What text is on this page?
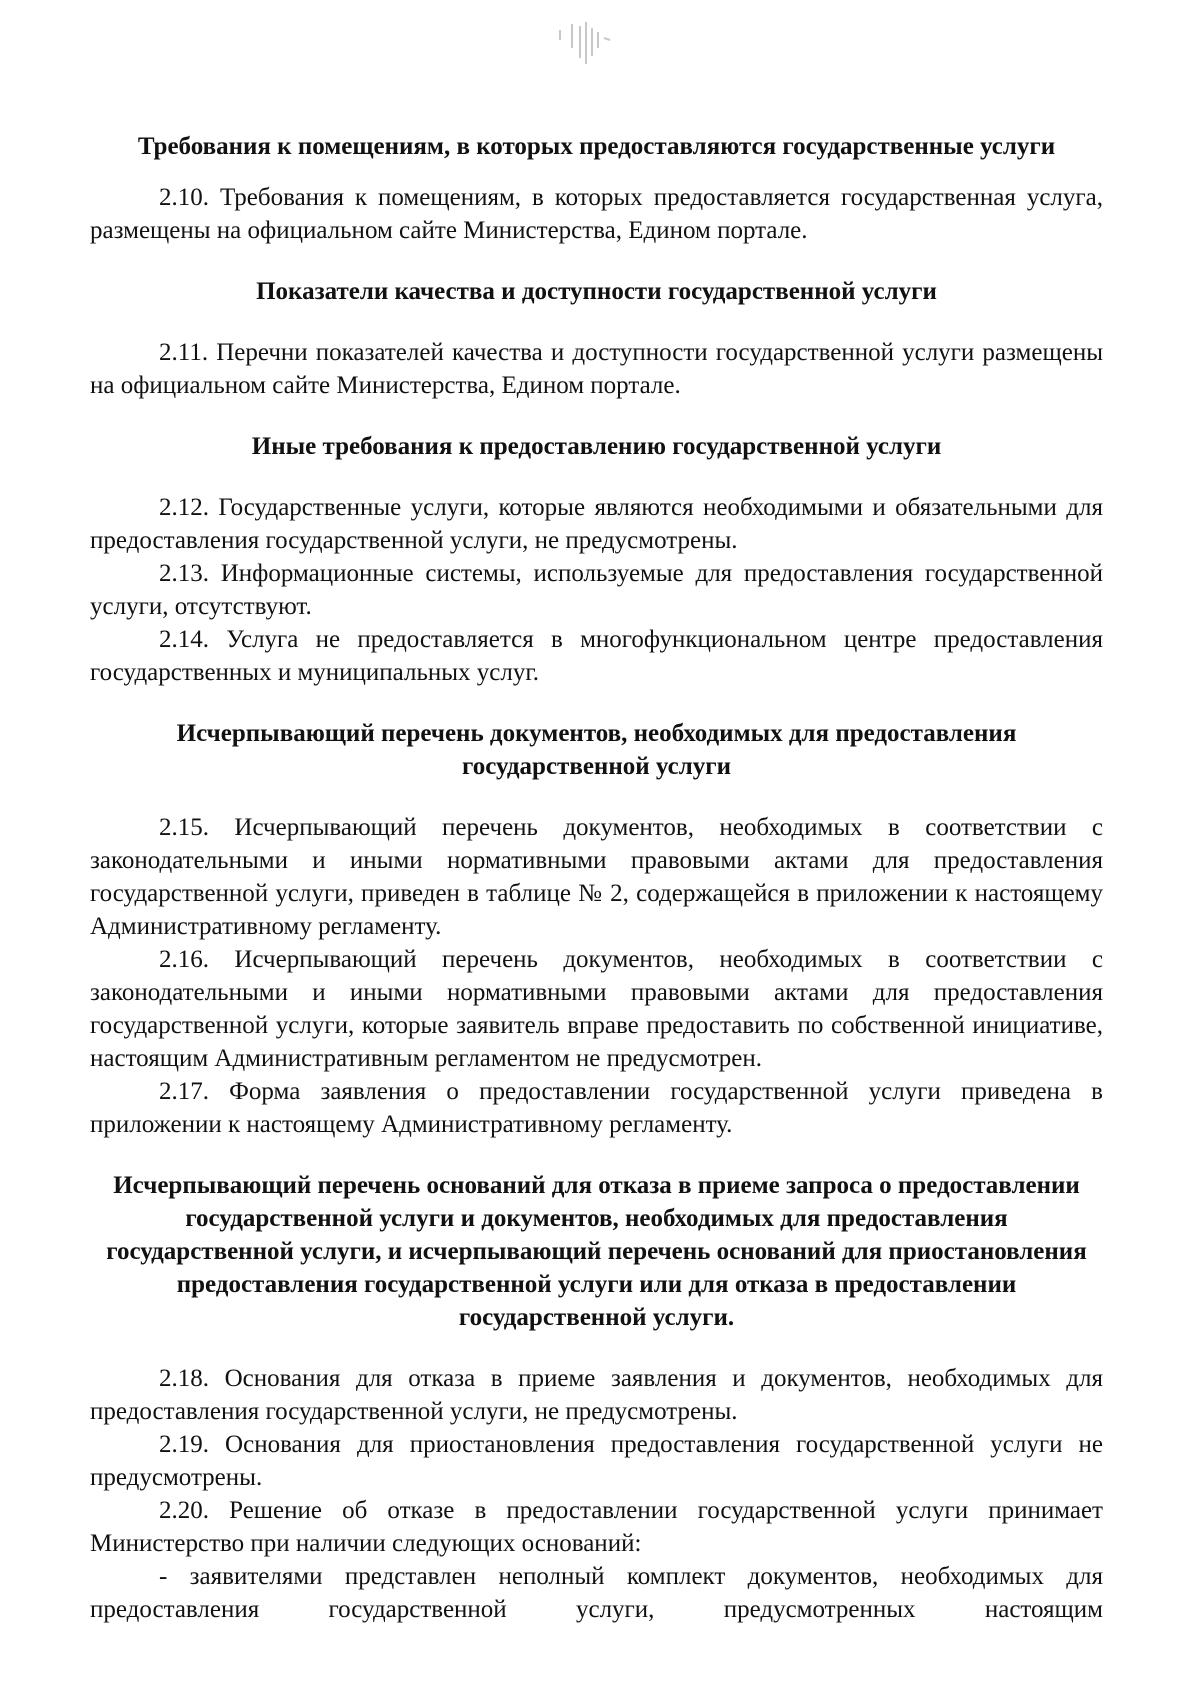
Требования к помещениям, в которых предоставляются государственные услуги

2.10. Требования к помещениям, в которых предоставляется государственная услуга, размещены на официальном сайте Министерства, Едином портале.

Показатели качества и доступности государственной услуги

2.11. Перечни показателей качества и доступности государственной услуги размещены на официальном сайте Министерства, Едином портале.

Иные требования к предоставлению государственной услуги

2.12. Государственные услуги, которые являются необходимыми и обязательными для предоставления государственной услуги, не предусмотрены.

2.13. Информационные системы, используемые для предоставления государственной услуги, отсутствуют.

2.14. Услуга не предоставляется в многофункциональном центре предоставления государственных и муниципальных услуг.

Исчерпывающий перечень документов, необходимых для предоставления государственной услуги

2.15. Исчерпывающий перечень документов, необходимых в соответствии с законодательными и иными нормативными правовыми актами для предоставления государственной услуги, приведен в таблице № 2, содержащейся в приложении к настоящему Административному регламенту.

2.16. Исчерпывающий перечень документов, необходимых в соответствии с законодательными и иными нормативными правовыми актами для предоставления государственной услуги, которые заявитель вправе предоставить по собственной инициативе, настоящим Административным регламентом не предусмотрен.

2.17. Форма заявления о предоставлении государственной услуги приведена в приложении к настоящему Административному регламенту.

Исчерпывающий перечень оснований для отказа в приеме запроса о предоставлении государственной услуги и документов, необходимых для предоставления государственной услуги, и исчерпывающий перечень оснований для приостановления предоставления государственной услуги или для отказа в предоставлении государственной услуги.

2.18. Основания для отказа в приеме заявления и документов, необходимых для предоставления государственной услуги, не предусмотрены.

2.19. Основания для приостановления предоставления государственной услуги не предусмотрены.

2.20. Решение об отказе в предоставлении государственной услуги принимает Министерство при наличии следующих оснований:

- заявителями представлен неполный комплект документов, необходимых для предоставления государственной услуги, предусмотренных настоящим
